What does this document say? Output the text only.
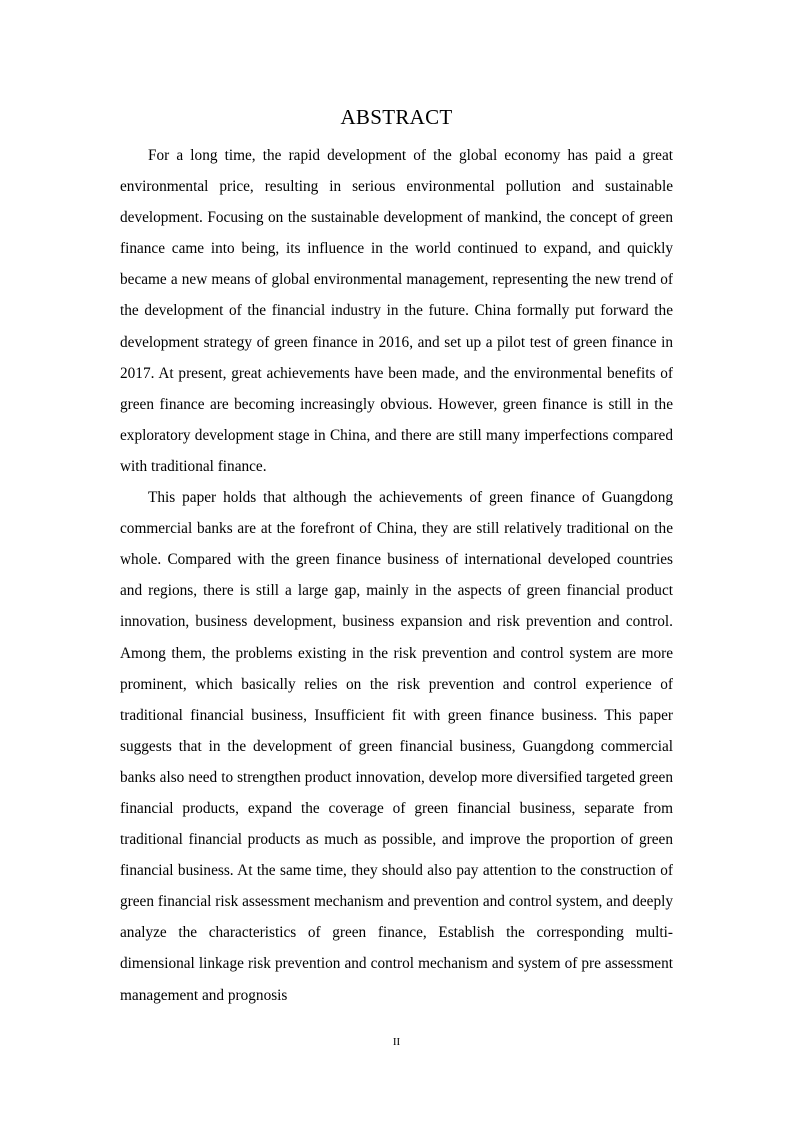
ABSTRACT

For a long time, the rapid development of the global economy has paid a great environmental price, resulting in serious environmental pollution and sustainable development. Focusing on the sustainable development of mankind, the concept of green finance came into being, its influence in the world continued to expand, and quickly became a new means of global environmental management, representing the new trend of the development of the financial industry in the future. China formally put forward the development strategy of green finance in 2016, and set up a pilot test of green finance in 2017. At present, great achievements have been made, and the environmental benefits of green finance are becoming increasingly obvious. However, green finance is still in the exploratory development stage in China, and there are still many imperfections compared with traditional finance.

This paper holds that although the achievements of green finance of Guangdong commercial banks are at the forefront of China, they are still relatively traditional on the whole. Compared with the green finance business of international developed countries and regions, there is still a large gap, mainly in the aspects of green financial product innovation, business development, business expansion and risk prevention and control. Among them, the problems existing in the risk prevention and control system are more prominent, which basically relies on the risk prevention and control experience of traditional financial business, Insufficient fit with green finance business. This paper suggests that in the development of green financial business, Guangdong commercial banks also need to strengthen product innovation, develop more diversified targeted green financial products, expand the coverage of green financial business, separate from traditional financial products as much as possible, and improve the proportion of green financial business. At the same time, they should also pay attention to the construction of green financial risk assessment mechanism and prevention and control system, and deeply analyze the characteristics of green finance, Establish the corresponding multi-dimensional linkage risk prevention and control mechanism and system of pre assessment management and prognosis

II
